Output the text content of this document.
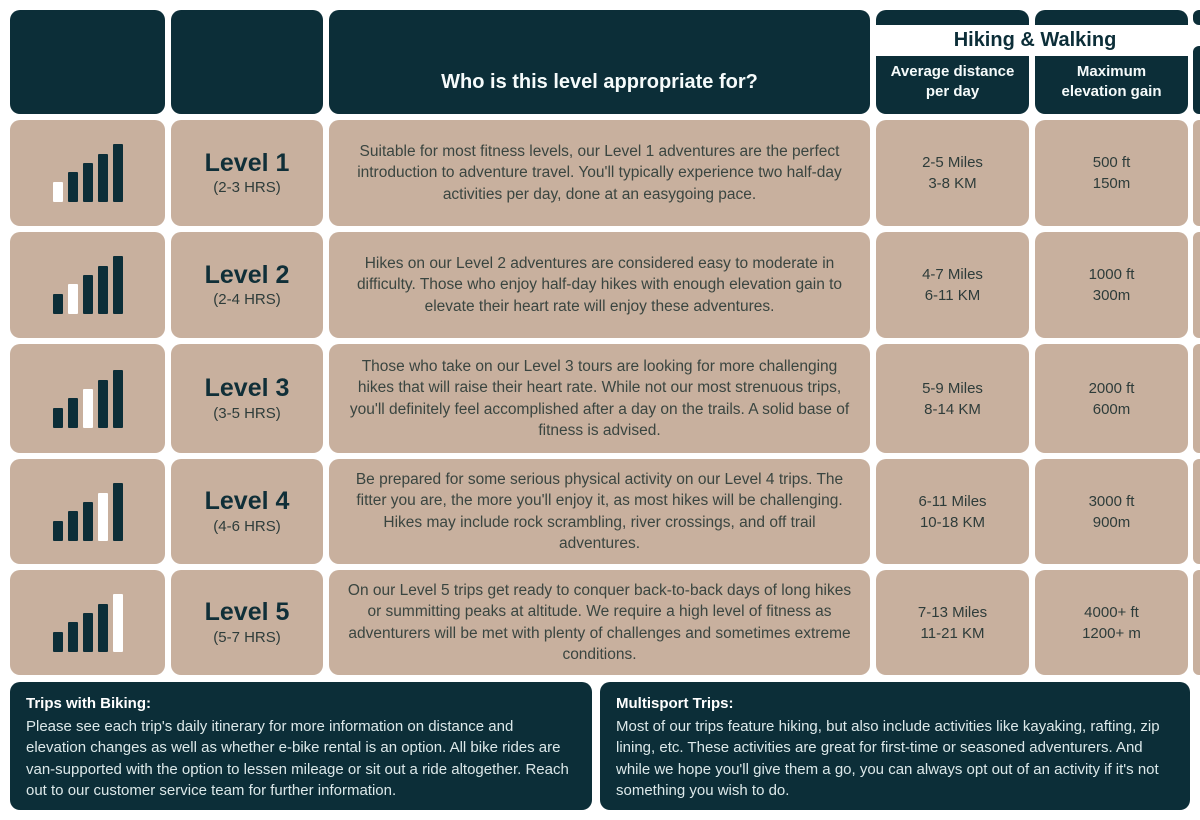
Who is this level appropriate for?	Average distance
per day
Maximum
elevation gain
Hiking & Walking
Level 1
(2-3 HRS)
Suitable for most fitness levels, our Level 1 adventures are the perfect introduction to adventure travel. You'll typically experience two half-day activities per day, done at an easygoing pace.
2-5 Miles
3-8 KM
500 ft
150m
Level 2
(2-4 HRS)
Hikes on our Level 2 adventures are considered easy to moderate in difficulty. Those who enjoy half-day hikes with enough elevation gain to elevate their heart rate will enjoy these adventures.
4-7 Miles
6-11 KM
1000 ft
300m
Level 3
(3-5 HRS)
Those who take on our Level 3 tours are looking for more challenging hikes that will raise their heart rate. While not our most strenuous trips, you'll definitely feel accomplished after a day on the trails. A solid base of fitness is advised.
5-9 Miles
8-14 KM
2000 ft
600m
Level 4
(4-6 HRS)
Be prepared for some serious physical activity on our Level 4 trips. The fitter you are, the more you'll enjoy it, as most hikes will be challenging. Hikes may include rock scrambling, river crossings, and off trail adventures.
6-11 Miles
10-18 KM
3000 ft
900m
Level 5
(5-7 HRS)
On our Level 5 trips get ready to conquer back-to-back days of long hikes or summitting peaks at altitude. We require a high level of fitness as adventurers will be met with plenty of challenges and sometimes extreme conditions.
7-13 Miles
11-21 KM
4000+ ft
1200+ m
Trips with Biking:
Please see each trip's daily itinerary for more information on distance and elevation changes as well as whether e-bike rental is an option. All bike rides are van-supported with the option to lessen mileage or sit out a ride altogether. Reach out to our customer service team for further information.
Multisport Trips:
Most of our trips feature hiking, but also include activities like kayaking, rafting, zip lining, etc. These activities are great for first-time or seasoned adventurers. And while we hope you'll give them a go, you can always opt out of an activity if it's not something you wish to do.
